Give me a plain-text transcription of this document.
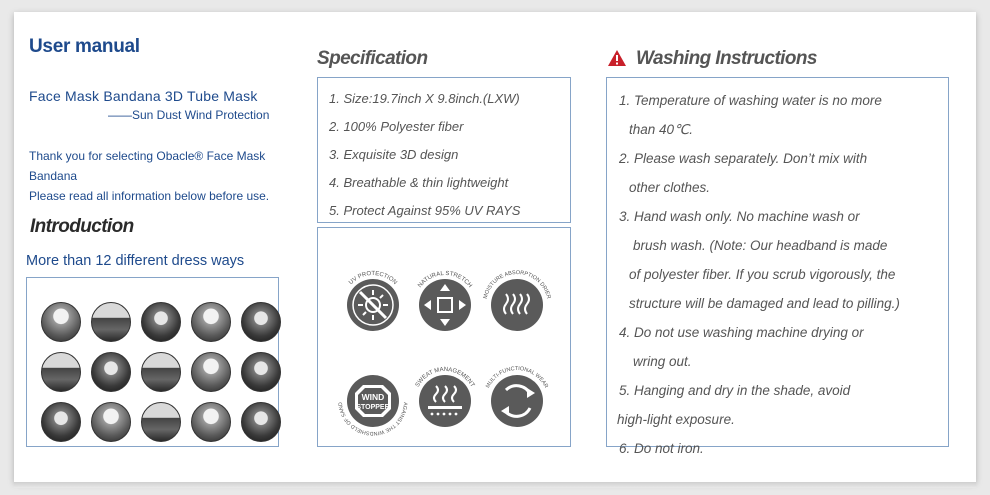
User manual
Face Mask Bandana 3D Tube Mask
——Sun Dust Wind Protection

Thank you for selecting Obacle® Face Mask

Bandana

Please read all information below before use.

Introduction
More than 12 different dress ways
Specification
1. Size:19.7inch X 9.8inch.(LXW)
2. 100% Polyester fiber
3. Exquisite 3D design
4. Breathable & thin lightweight
5. Protect Against 95% UV RAYS
UV PROTECTION	NATURAL STRETCH
MOISTURE ABSORPTION DRIER
WIND
STOPPER
AGAINST THE WINDSHIELD OF SAND
SWEAT MANAGEMENT MULTI-FUNCTIONAL WEAR
Washing Instructions
1. Temperature of washing water is no more
than 40℃.
2. Please wash separately. Don’t mix with
other clothes.
3. Hand wash only. No machine wash or
brush wash. (Note: Our headband is made
of polyester fiber. If you scrub vigorously, the
structure will be damaged and lead to pilling.)
4. Do not use washing machine drying or
wring out.
5. Hanging and dry in the shade, avoid
high-light exposure.
6. Do not iron.
